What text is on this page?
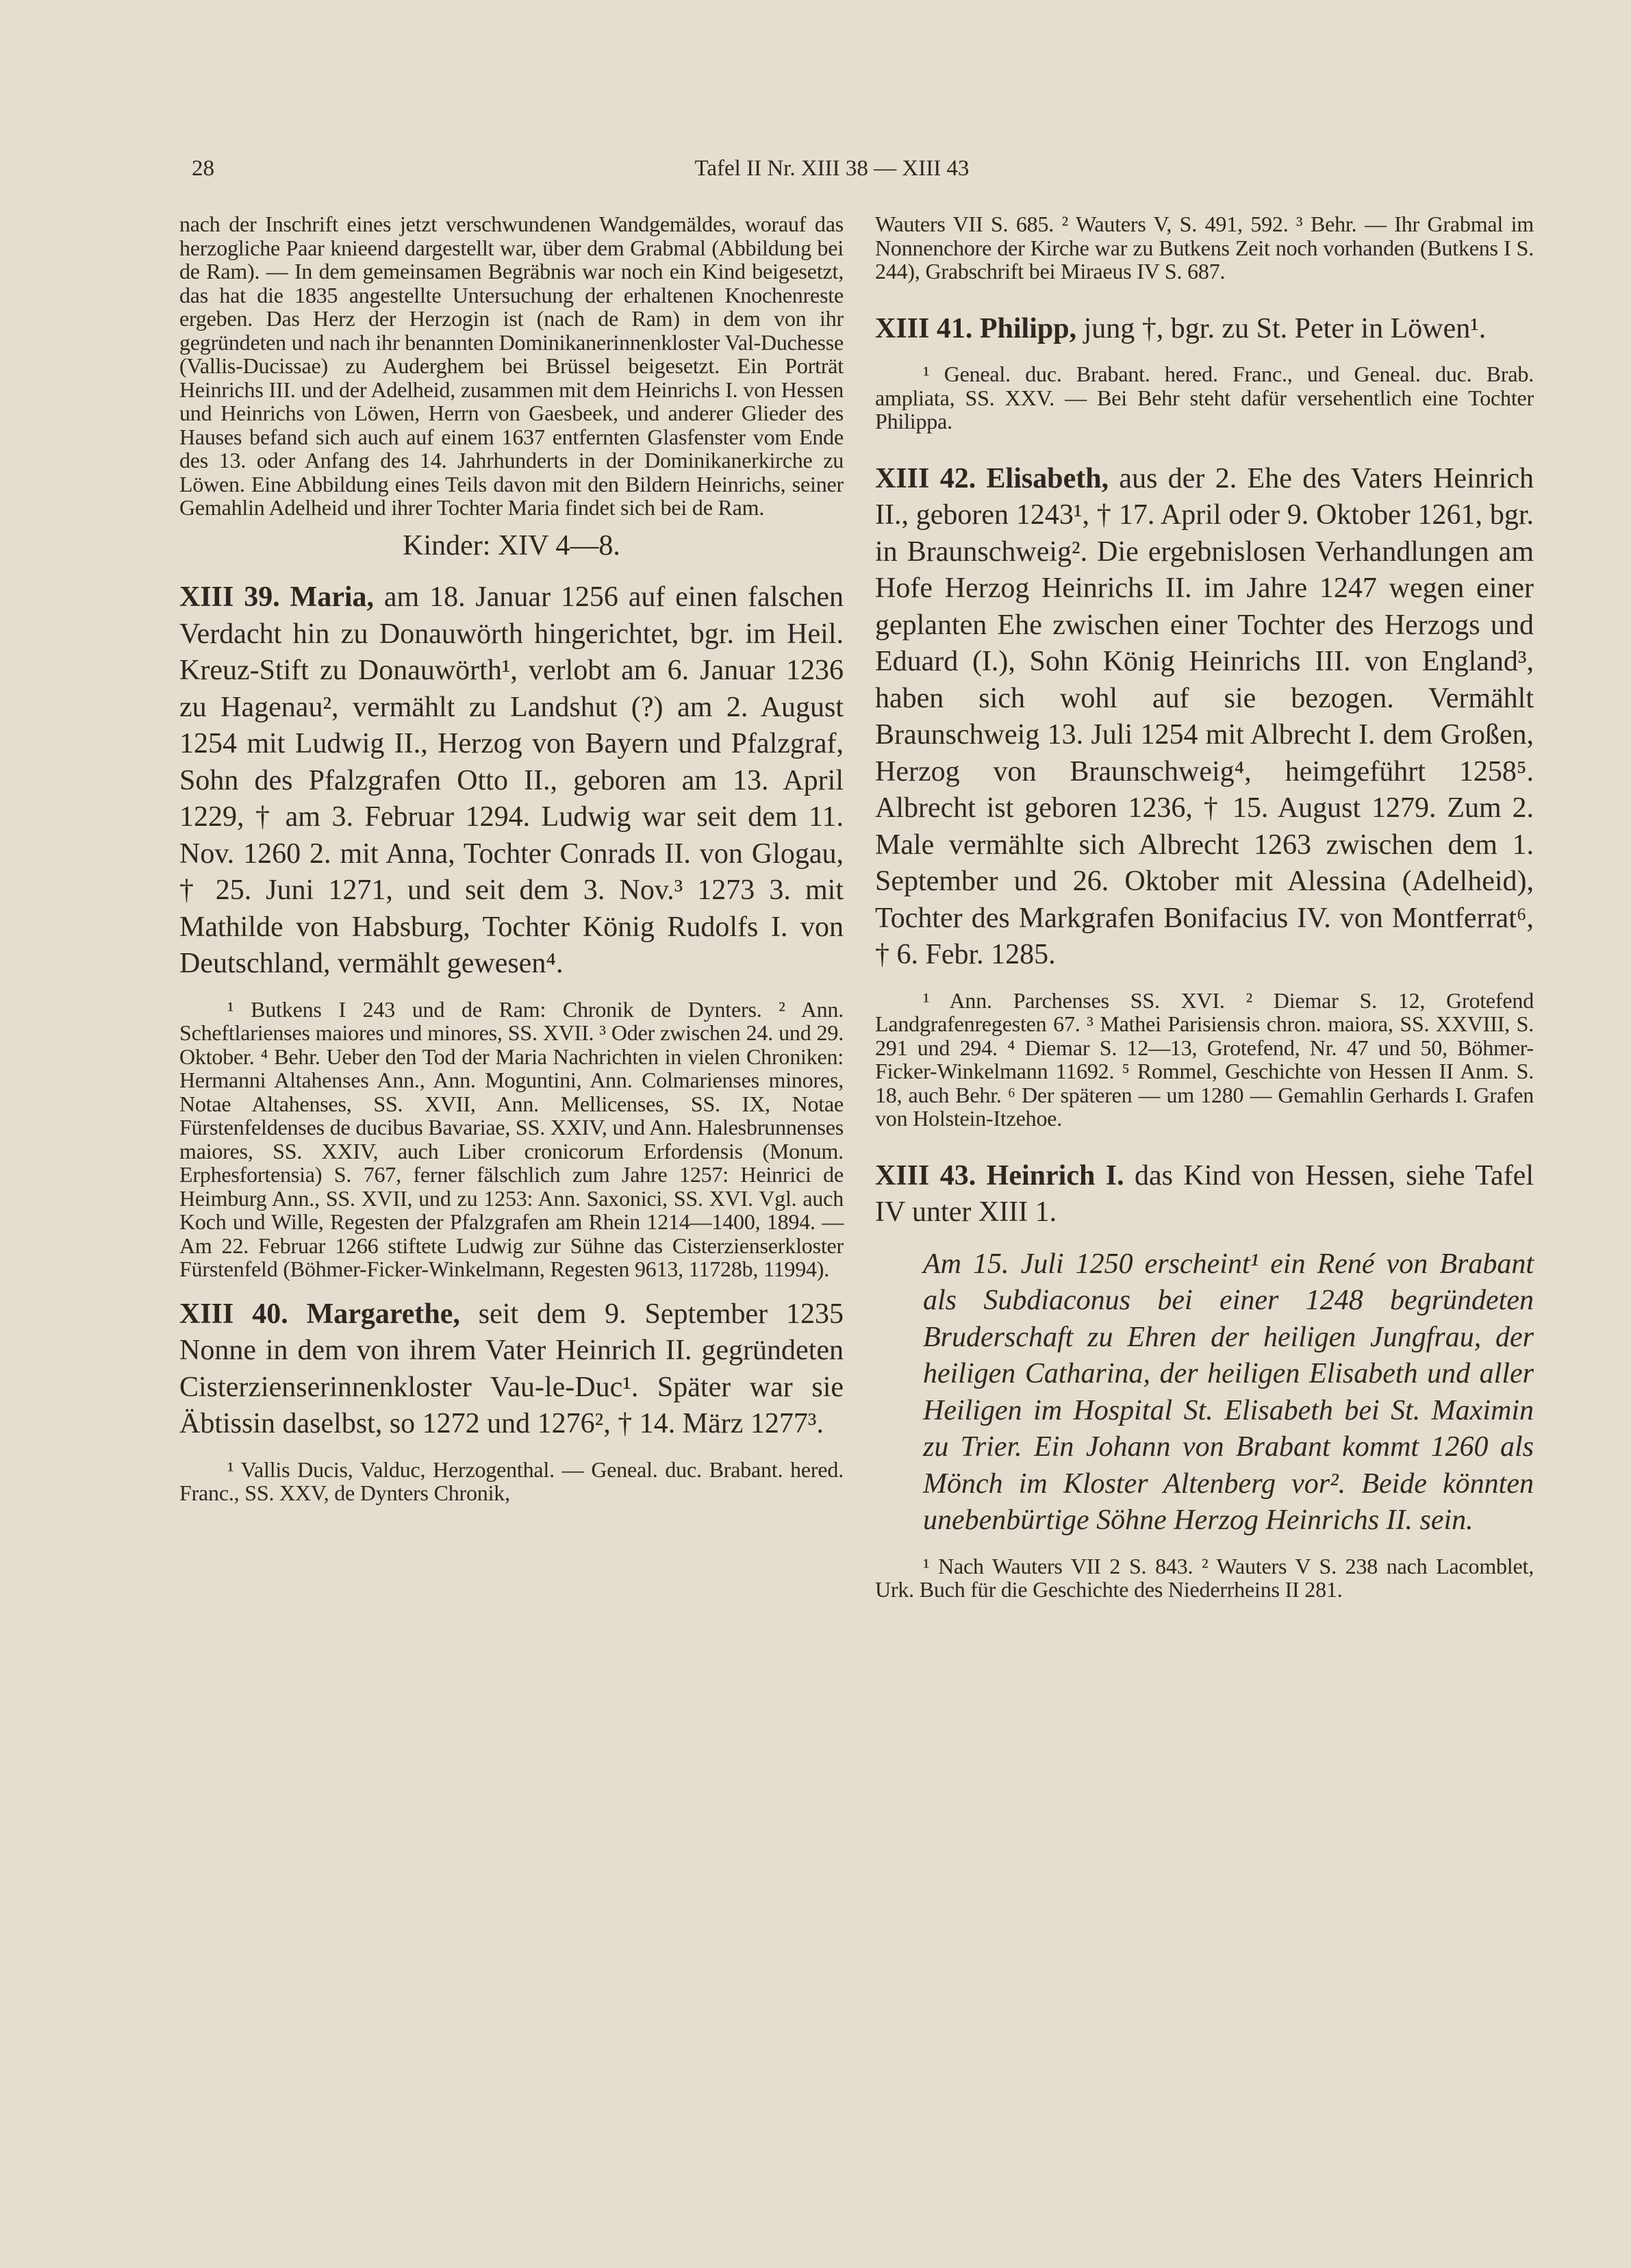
28	Tafel II Nr. XIII 38 — XIII 43

nach der Inschrift eines jetzt verschwundenen Wandgemäldes, worauf das herzogliche Paar knieend dargestellt war, über dem Grabmal (Abbildung bei de Ram). — In dem gemeinsamen Begräbnis war noch ein Kind beigesetzt, das hat die 1835 angestellte Untersuchung der erhaltenen Knochenreste ergeben. Das Herz der Herzogin ist (nach de Ram) in dem von ihr gegründeten und nach ihr benannten Dominikanerinnenkloster Val-Duchesse (Vallis-Ducissae) zu Auderghem bei Brüssel beigesetzt. Ein Porträt Heinrichs III. und der Adelheid, zusammen mit dem Heinrichs I. von Hessen und Heinrichs von Löwen, Herrn von Gaesbeek, und anderer Glieder des Hauses befand sich auch auf einem 1637 entfernten Glasfenster vom Ende des 13. oder Anfang des 14. Jahrhunderts in der Dominikanerkirche zu Löwen. Eine Abbildung eines Teils davon mit den Bildern Heinrichs, seiner Gemahlin Adelheid und ihrer Tochter Maria findet sich bei de Ram.

Kinder: XIV 4—8.

XIII 39. Maria, am 18. Januar 1256 auf einen falschen Verdacht hin zu Donauwörth hingerichtet, bgr. im Heil. Kreuz-Stift zu Donauwörth¹, verlobt am 6. Januar 1236 zu Hagenau², vermählt zu Landshut (?) am 2. August 1254 mit Ludwig II., Herzog von Bayern und Pfalzgraf, Sohn des Pfalzgrafen Otto II., geboren am 13. April 1229, † am 3. Februar 1294. Ludwig war seit dem 11. Nov. 1260 2. mit Anna, Tochter Conrads II. von Glogau, † 25. Juni 1271, und seit dem 3. Nov.³ 1273 3. mit Mathilde von Habsburg, Tochter König Rudolfs I. von Deutschland, vermählt gewesen⁴.

¹ Butkens I 243 und de Ram: Chronik de Dynters. ² Ann. Scheftlarienses maiores und minores, SS. XVII. ³ Oder zwischen 24. und 29. Oktober. ⁴ Behr. Ueber den Tod der Maria Nachrichten in vielen Chroniken: Hermanni Altahenses Ann., Ann. Moguntini, Ann. Colmarienses minores, Notae Altahenses, SS. XVII, Ann. Mellicenses, SS. IX, Notae Fürstenfeldenses de ducibus Bavariae, SS. XXIV, und Ann. Halesbrunnenses maiores, SS. XXIV, auch Liber cronicorum Erfordensis (Monum. Erphesfortensia) S. 767, ferner fälschlich zum Jahre 1257: Heinrici de Heimburg Ann., SS. XVII, und zu 1253: Ann. Saxonici, SS. XVI. Vgl. auch Koch und Wille, Regesten der Pfalzgrafen am Rhein 1214—1400, 1894. — Am 22. Februar 1266 stiftete Ludwig zur Sühne das Cisterzienserkloster Fürstenfeld (Böhmer-Ficker-Winkelmann, Regesten 9613, 11728b, 11994).

XIII 40. Margarethe, seit dem 9. September 1235 Nonne in dem von ihrem Vater Heinrich II. gegründeten Cisterzienserinnenkloster Vau-le-Duc¹. Später war sie Äbtissin daselbst, so 1272 und 1276², † 14. März 1277³.

¹ Vallis Ducis, Valduc, Herzogenthal. — Geneal. duc. Brabant. hered. Franc., SS. XXV, de Dynters Chronik,

Wauters VII S. 685. ² Wauters V, S. 491, 592. ³ Behr. — Ihr Grabmal im Nonnenchore der Kirche war zu Butkens Zeit noch vorhanden (Butkens I S. 244), Grabschrift bei Miraeus IV S. 687.

XIII 41. Philipp, jung †, bgr. zu St. Peter in Löwen¹.

¹ Geneal. duc. Brabant. hered. Franc., und Geneal. duc. Brab. ampliata, SS. XXV. — Bei Behr steht dafür versehentlich eine Tochter Philippa.

XIII 42. Elisabeth, aus der 2. Ehe des Vaters Heinrich II., geboren 1243¹, † 17. April oder 9. Oktober 1261, bgr. in Braunschweig². Die ergebnislosen Verhandlungen am Hofe Herzog Heinrichs II. im Jahre 1247 wegen einer geplanten Ehe zwischen einer Tochter des Herzogs und Eduard (I.), Sohn König Heinrichs III. von England³, haben sich wohl auf sie bezogen. Vermählt Braunschweig 13. Juli 1254 mit Albrecht I. dem Großen, Herzog von Braunschweig⁴, heimgeführt 1258⁵. Albrecht ist geboren 1236, † 15. August 1279. Zum 2. Male vermählte sich Albrecht 1263 zwischen dem 1. September und 26. Oktober mit Alessina (Adelheid), Tochter des Markgrafen Bonifacius IV. von Montferrat⁶, † 6. Febr. 1285.

¹ Ann. Parchenses SS. XVI. ² Diemar S. 12, Grotefend Landgrafenregesten 67. ³ Mathei Parisiensis chron. maiora, SS. XXVIII, S. 291 und 294. ⁴ Diemar S. 12—13, Grotefend, Nr. 47 und 50, Böhmer-Ficker-Winkelmann 11692. ⁵ Rommel, Geschichte von Hessen II Anm. S. 18, auch Behr. ⁶ Der späteren — um 1280 — Gemahlin Gerhards I. Grafen von Holstein-Itzehoe.

XIII 43. Heinrich I. das Kind von Hessen, siehe Tafel IV unter XIII 1.

Am 15. Juli 1250 erscheint¹ ein René von Brabant als Subdiaconus bei einer 1248 begründeten Bruderschaft zu Ehren der heiligen Jungfrau, der heiligen Catharina, der heiligen Elisabeth und aller Heiligen im Hospital St. Elisabeth bei St. Maximin zu Trier. Ein Johann von Brabant kommt 1260 als Mönch im Kloster Altenberg vor². Beide könnten unebenbürtige Söhne Herzog Heinrichs II. sein.

¹ Nach Wauters VII 2 S. 843. ² Wauters V S. 238 nach Lacomblet, Urk. Buch für die Geschichte des Niederrheins II 281.
